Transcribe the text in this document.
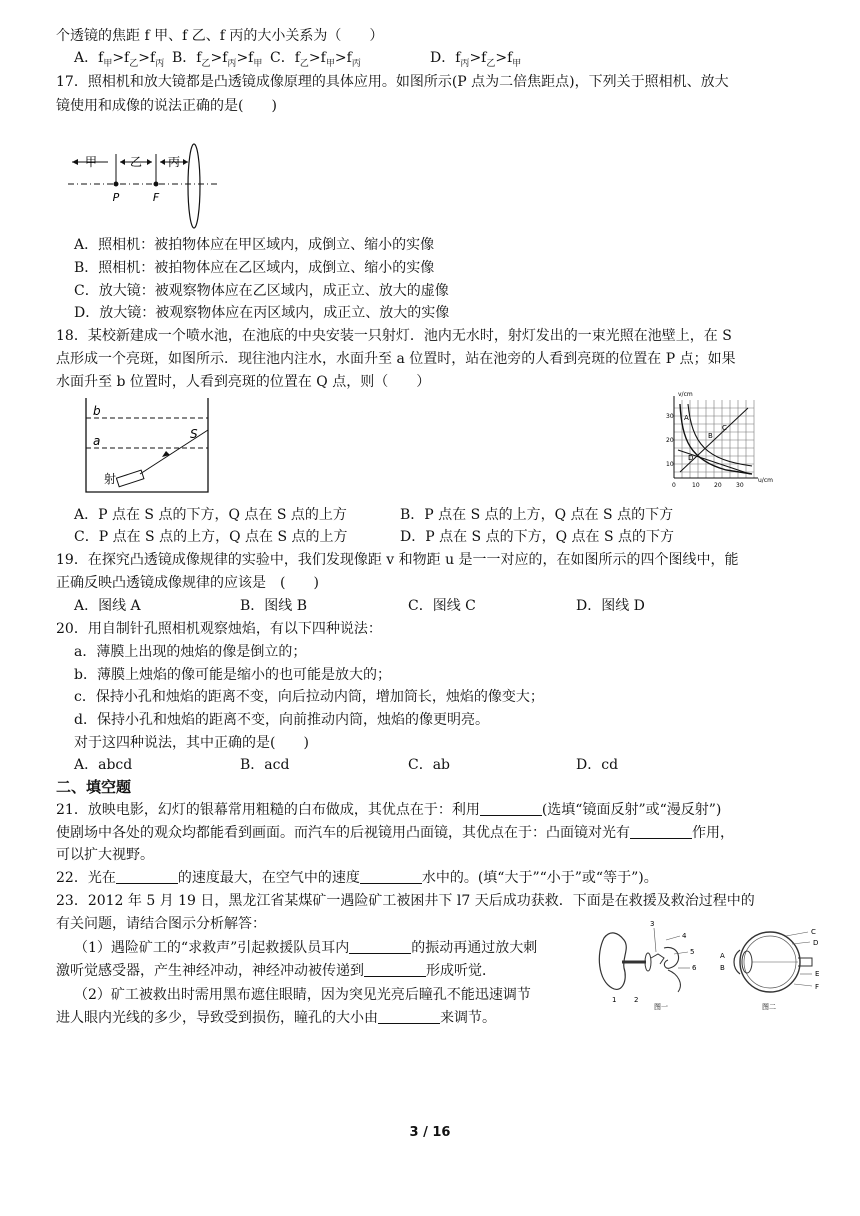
个透镜的焦距 f 甲、f 乙、f 丙的大小关系为（　　）
A．$f_甲>f_乙>f_丙$ B．$f_乙>f_丙>f_甲$ C．$f_乙>f_甲>f_丙$	D．$f_丙>f_乙>f_甲$
17．照相机和放大镜都是凸透镜成像原理的具体应用。如图所示(P 点为二倍焦距点)，下列关于照相机、放大
镜使用和成像的说法正确的是(　　)
甲	乙 丙
P	F
A．照相机：被拍物体应在甲区域内，成倒立、缩小的实像
B．照相机：被拍物体应在乙区域内，成倒立、缩小的实像
C．放大镜：被观察物体应在乙区域内，成正立、放大的虚像
D．放大镜：被观察物体应在丙区域内，成正立、放大的实像
18．某校新建成一个喷水池，在池底的中央安装一只射灯．池内无水时，射灯发出的一束光照在池壁上，在 S
点形成一个亮斑，如图所示．现往池内注水，水面升至 a 位置时，站在池旁的人看到亮斑的位置在 P 点；如果
水面升至 b 位置时，人看到亮斑的位置在 Q 点，则（　　）
b
a	S
射
A
B
C
D
v/cm
30
20
10
0	10 20 30
u/cm
A．P 点在 S 点的下方，Q 点在 S 点的上方	B．P 点在 S 点的上方，Q 点在 S 点的下方
C．P 点在 S 点的上方，Q 点在 S 点的上方	D．P 点在 S 点的下方，Q 点在 S 点的下方
19．在探究凸透镜成像规律的实验中，我们发现像距 v 和物距 u 是一一对应的，在如图所示的四个图线中，能
正确反映凸透镜成像规律的应该是　(　　)
A．图线 A	B．图线 B	C．图线 C	D．图线 D
20．用自制针孔照相机观察烛焰，有以下四种说法：
a．薄膜上出现的烛焰的像是倒立的；
b．薄膜上烛焰的像可能是缩小的也可能是放大的；
c．保持小孔和烛焰的距离不变，向后拉动内筒，增加筒长，烛焰的像变大；
d．保持小孔和烛焰的距离不变，向前推动内筒，烛焰的像更明亮。
对于这四种说法，其中正确的是(　　)
A．abcd	B．acd	C．ab	D．cd
二、填空题
21．放映电影，幻灯的银幕常用粗糙的白布做成，其优点在于：利用	(选填“镜面反射”或“漫反射”)
使剧场中各处的观众均都能看到画面。而汽车的后视镜用凸面镜，其优点在于：凸面镜对光有	作用，
可以扩大视野。
22．光在	的速度最大，在空气中的速度	水中的。(填“大于”“小于”或“等于”)。
23．2012 年 5 月 19 日，黑龙江省某煤矿一遇险矿工被困井下 l7 天后成功获救．下面是在救援及救治过程中的
有关问题，请结合图示分析解答：
（1）遇险矿工的“求救声”引起救援队员耳内	的振动再通过放大刺
激听觉感受器，产生神经冲动，神经冲动被传递到	形成听觉．
（2）矿工被救出时需用黑布遮住眼睛，因为突见光亮后瞳孔不能迅速调节
进人眼内光线的多少，导致受到损伤，瞳孔的大小由	来调节。
3
4
5
6
1	2
图一
C
D
A
B
E
F
图二
3 / 16
